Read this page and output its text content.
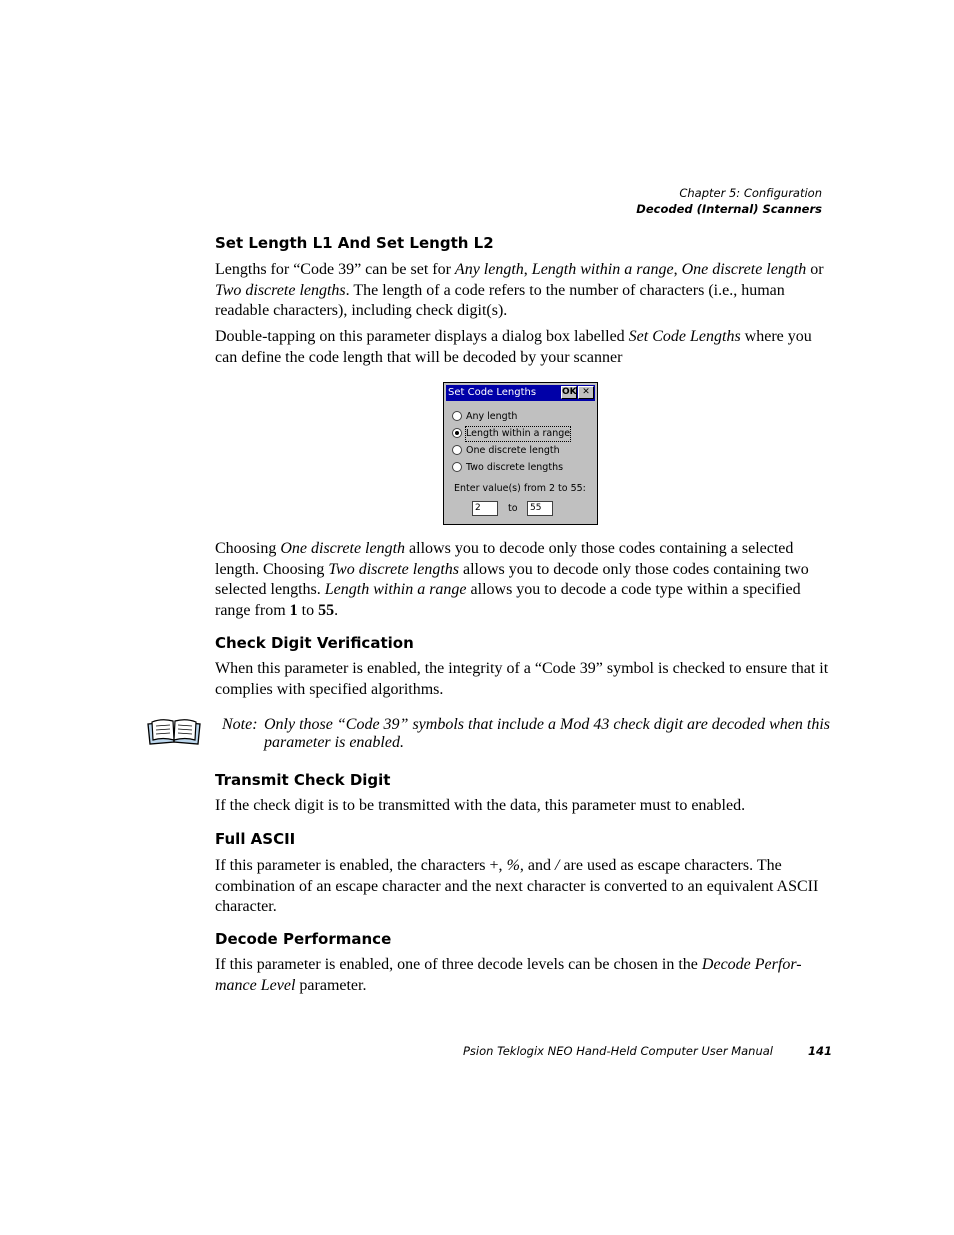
Chapter 5: Configuration
Decoded (Internal) Scanners
Set Length L1 And Set Length L2

Lengths for “Code 39” can be set for Any length, Length within a range, One discrete length or Two discrete lengths. The length of a code refers to the number of characters (i.e., human readable characters), including check digit(s).

Double-tapping on this parameter displays a dialog box labelled Set Code Lengths where you can define the code length that will be decoded by your scanner

Set Code Lengths	OK ✕
Any length
Length within a range
One discrete length
Two discrete lengths
Enter value(s) from 2 to 55:
2	to	55

Choosing One discrete length allows you to decode only those codes containing a selected length. Choosing Two discrete lengths allows you to decode only those codes containing two selected lengths. Length within a range allows you to decode a code type within a specified range from 1 to 55.

Check Digit Verification

When this parameter is enabled, the integrity of a “Code 39” symbol is checked to ensure that it complies with specified algorithms.

Note: Only those “Code 39” symbols that include a Mod 43 check digit are decoded when this parameter is enabled.
Transmit Check Digit

If the check digit is to be transmitted with the data, this parameter must to enabled.

Full ASCII

If this parameter is enabled, the characters +, %, and / are used as escape characters. The combination of an escape character and the next character is converted to an equivalent ASCII character.

Decode Performance

If this parameter is enabled, one of three decode levels can be chosen in the Decode Perfor-mance Level parameter.

Psion Teklogix NEO Hand-Held Computer User Manual	141
